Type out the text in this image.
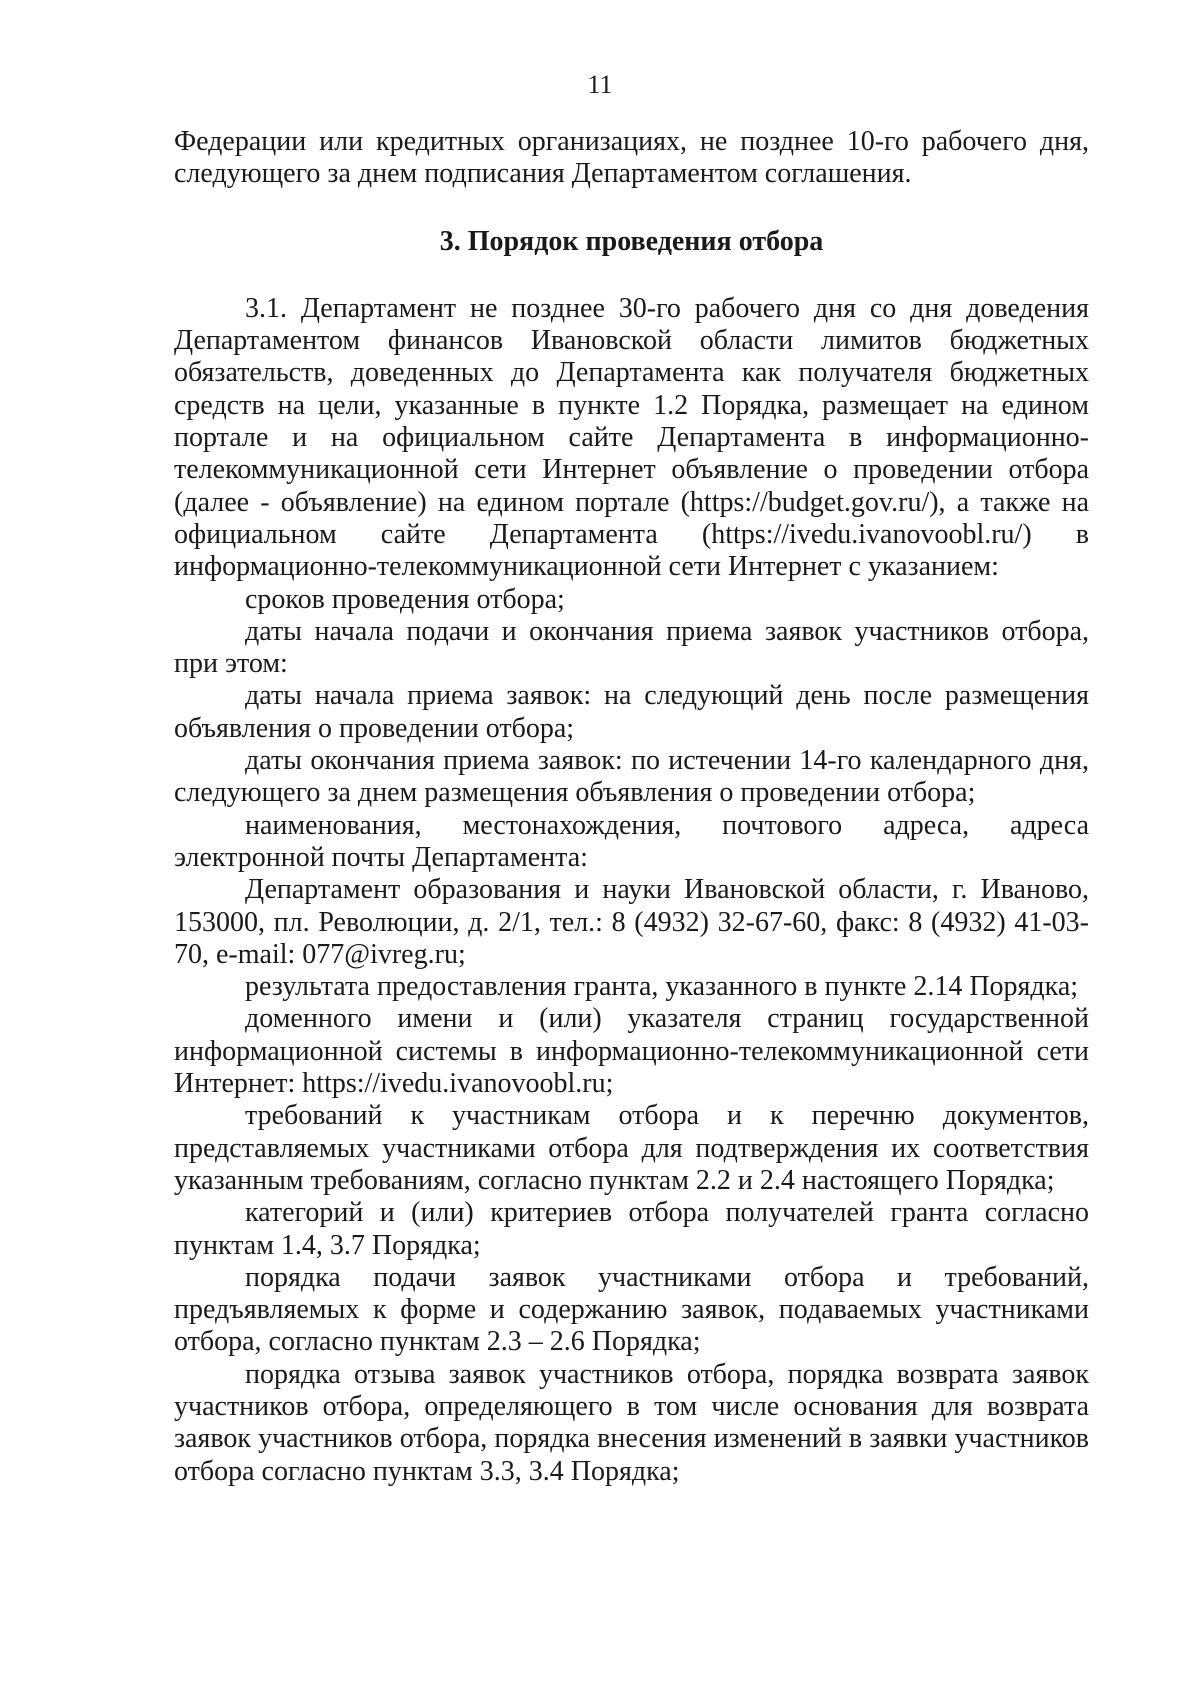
11

Федерации или кредитных организациях, не позднее 10-го рабочего дня, следующего за днем подписания Департаментом соглашения.

3. Порядок проведения отбора

3.1. Департамент не позднее 30-го рабочего дня со дня доведения Департаментом финансов Ивановской области лимитов бюджетных обязательств, доведенных до Департамента как получателя бюджетных средств на цели, указанные в пункте 1.2 Порядка, размещает на едином портале и на официальном сайте Департамента в информационно-телекоммуникационной сети Интернет объявление о проведении отбора (далее - объявление) на едином портале (https://budget.gov.ru/), а также на официальном сайте Департамента (https://ivedu.ivanovoobl.ru/) в информационно-телекоммуникационной сети Интернет с указанием:

сроков проведения отбора;

даты начала подачи и окончания приема заявок участников отбора, при этом:

даты начала приема заявок: на следующий день после размещения объявления о проведении отбора;

даты окончания приема заявок: по истечении 14-го календарного дня, следующего за днем размещения объявления о проведении отбора;

наименования, местонахождения, почтового адреса, адреса электронной почты Департамента:

Департамент образования и науки Ивановской области, г. Иваново, 153000, пл. Революции, д. 2/1, тел.: 8 (4932) 32-67-60, факс: 8 (4932) 41-03-70, e-mail: 077@ivreg.ru;

результата предоставления гранта, указанного в пункте 2.14 Порядка;

доменного имени и (или) указателя страниц государственной информационной системы в информационно-телекоммуникационной сети Интернет: https://ivedu.ivanovoobl.ru;

требований к участникам отбора и к перечню документов, представляемых участниками отбора для подтверждения их соответствия указанным требованиям, согласно пунктам 2.2 и 2.4 настоящего Порядка;

категорий и (или) критериев отбора получателей гранта согласно пунктам 1.4, 3.7 Порядка;

порядка подачи заявок участниками отбора и требований, предъявляемых к форме и содержанию заявок, подаваемых участниками отбора, согласно пунктам 2.3 – 2.6 Порядка;

порядка отзыва заявок участников отбора, порядка возврата заявок участников отбора, определяющего в том числе основания для возврата заявок участников отбора, порядка внесения изменений в заявки участников отбора согласно пунктам 3.3, 3.4 Порядка;
